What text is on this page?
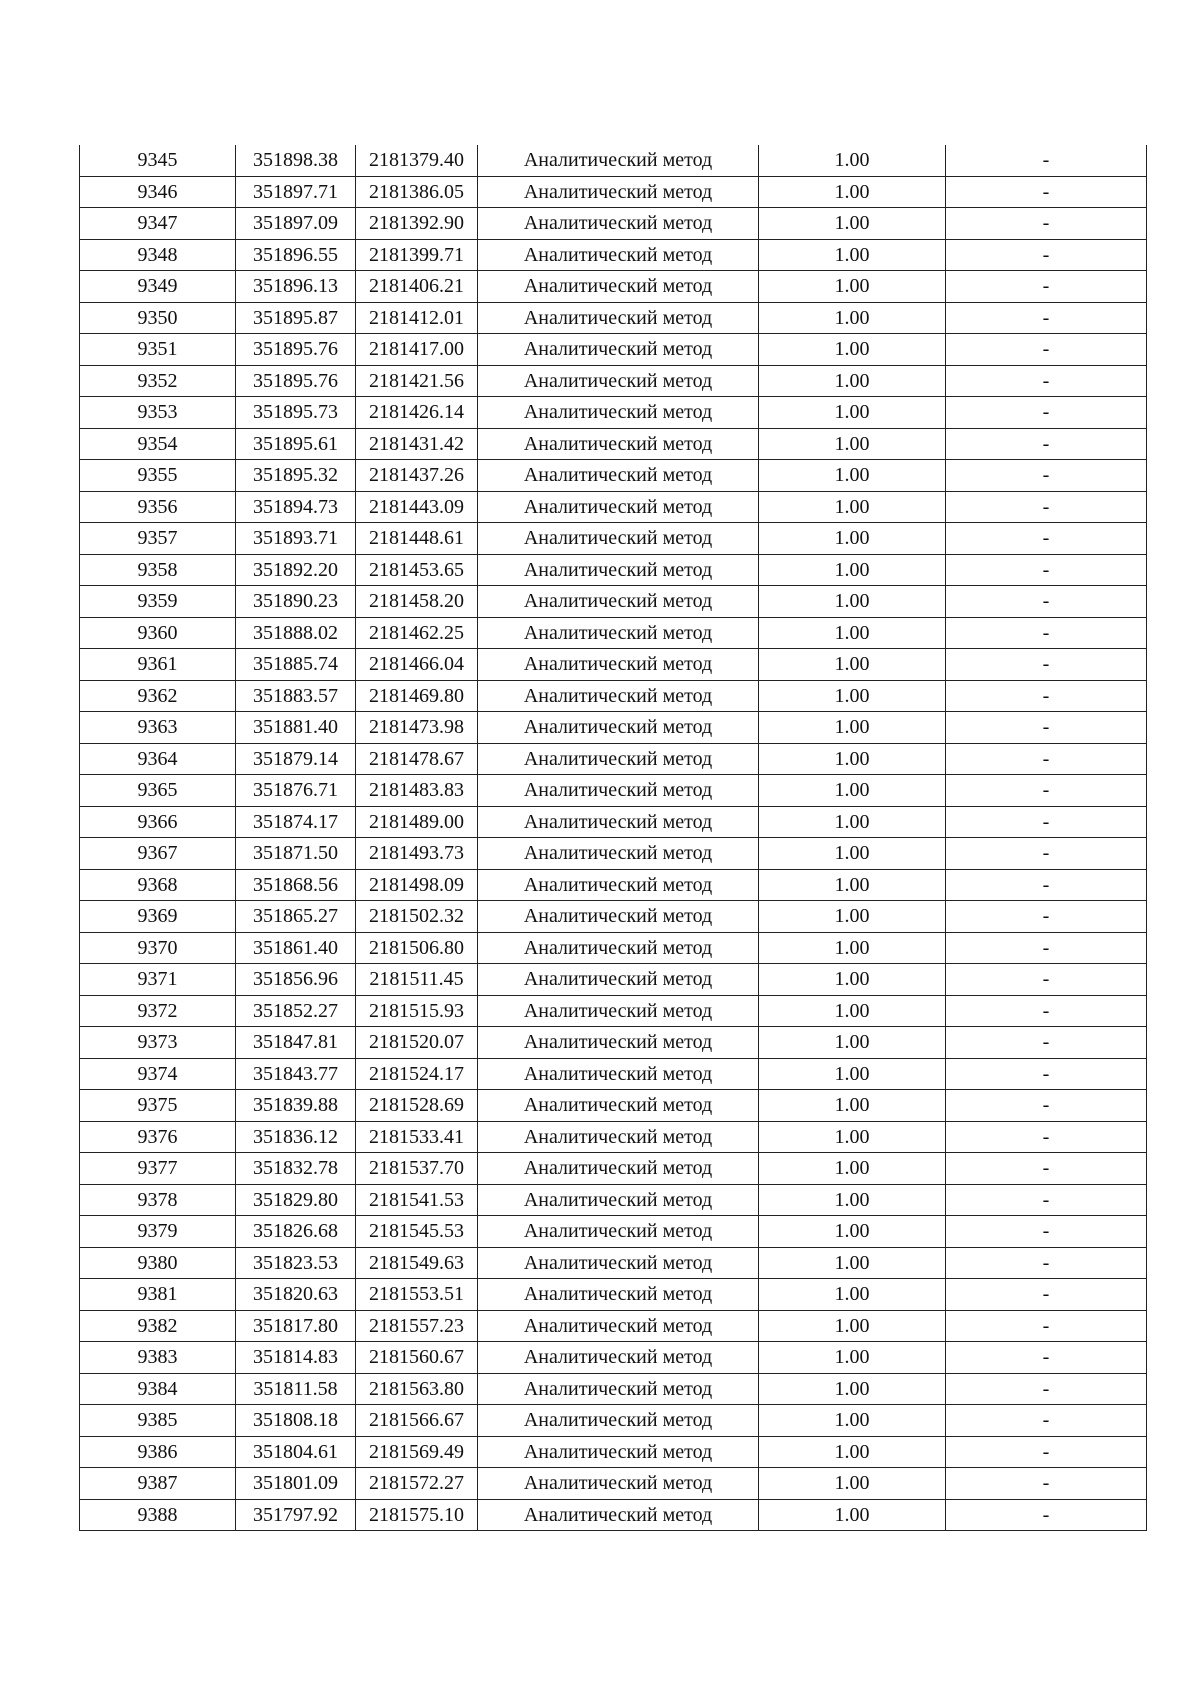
9345	351898.38	2181379.40	Аналитический метод	1.00	-
9346	351897.71	2181386.05	Аналитический метод	1.00	-
9347	351897.09	2181392.90	Аналитический метод	1.00	-
9348	351896.55	2181399.71	Аналитический метод	1.00	-
9349	351896.13	2181406.21	Аналитический метод	1.00	-
9350	351895.87	2181412.01	Аналитический метод	1.00	-
9351	351895.76	2181417.00	Аналитический метод	1.00	-
9352	351895.76	2181421.56	Аналитический метод	1.00	-
9353	351895.73	2181426.14	Аналитический метод	1.00	-
9354	351895.61	2181431.42	Аналитический метод	1.00	-
9355	351895.32	2181437.26	Аналитический метод	1.00	-
9356	351894.73	2181443.09	Аналитический метод	1.00	-
9357	351893.71	2181448.61	Аналитический метод	1.00	-
9358	351892.20	2181453.65	Аналитический метод	1.00	-
9359	351890.23	2181458.20	Аналитический метод	1.00	-
9360	351888.02	2181462.25	Аналитический метод	1.00	-
9361	351885.74	2181466.04	Аналитический метод	1.00	-
9362	351883.57	2181469.80	Аналитический метод	1.00	-
9363	351881.40	2181473.98	Аналитический метод	1.00	-
9364	351879.14	2181478.67	Аналитический метод	1.00	-
9365	351876.71	2181483.83	Аналитический метод	1.00	-
9366	351874.17	2181489.00	Аналитический метод	1.00	-
9367	351871.50	2181493.73	Аналитический метод	1.00	-
9368	351868.56	2181498.09	Аналитический метод	1.00	-
9369	351865.27	2181502.32	Аналитический метод	1.00	-
9370	351861.40	2181506.80	Аналитический метод	1.00	-
9371	351856.96	2181511.45	Аналитический метод	1.00	-
9372	351852.27	2181515.93	Аналитический метод	1.00	-
9373	351847.81	2181520.07	Аналитический метод	1.00	-
9374	351843.77	2181524.17	Аналитический метод	1.00	-
9375	351839.88	2181528.69	Аналитический метод	1.00	-
9376	351836.12	2181533.41	Аналитический метод	1.00	-
9377	351832.78	2181537.70	Аналитический метод	1.00	-
9378	351829.80	2181541.53	Аналитический метод	1.00	-
9379	351826.68	2181545.53	Аналитический метод	1.00	-
9380	351823.53	2181549.63	Аналитический метод	1.00	-
9381	351820.63	2181553.51	Аналитический метод	1.00	-
9382	351817.80	2181557.23	Аналитический метод	1.00	-
9383	351814.83	2181560.67	Аналитический метод	1.00	-
9384	351811.58	2181563.80	Аналитический метод	1.00	-
9385	351808.18	2181566.67	Аналитический метод	1.00	-
9386	351804.61	2181569.49	Аналитический метод	1.00	-
9387	351801.09	2181572.27	Аналитический метод	1.00	-
9388	351797.92	2181575.10	Аналитический метод	1.00	-
